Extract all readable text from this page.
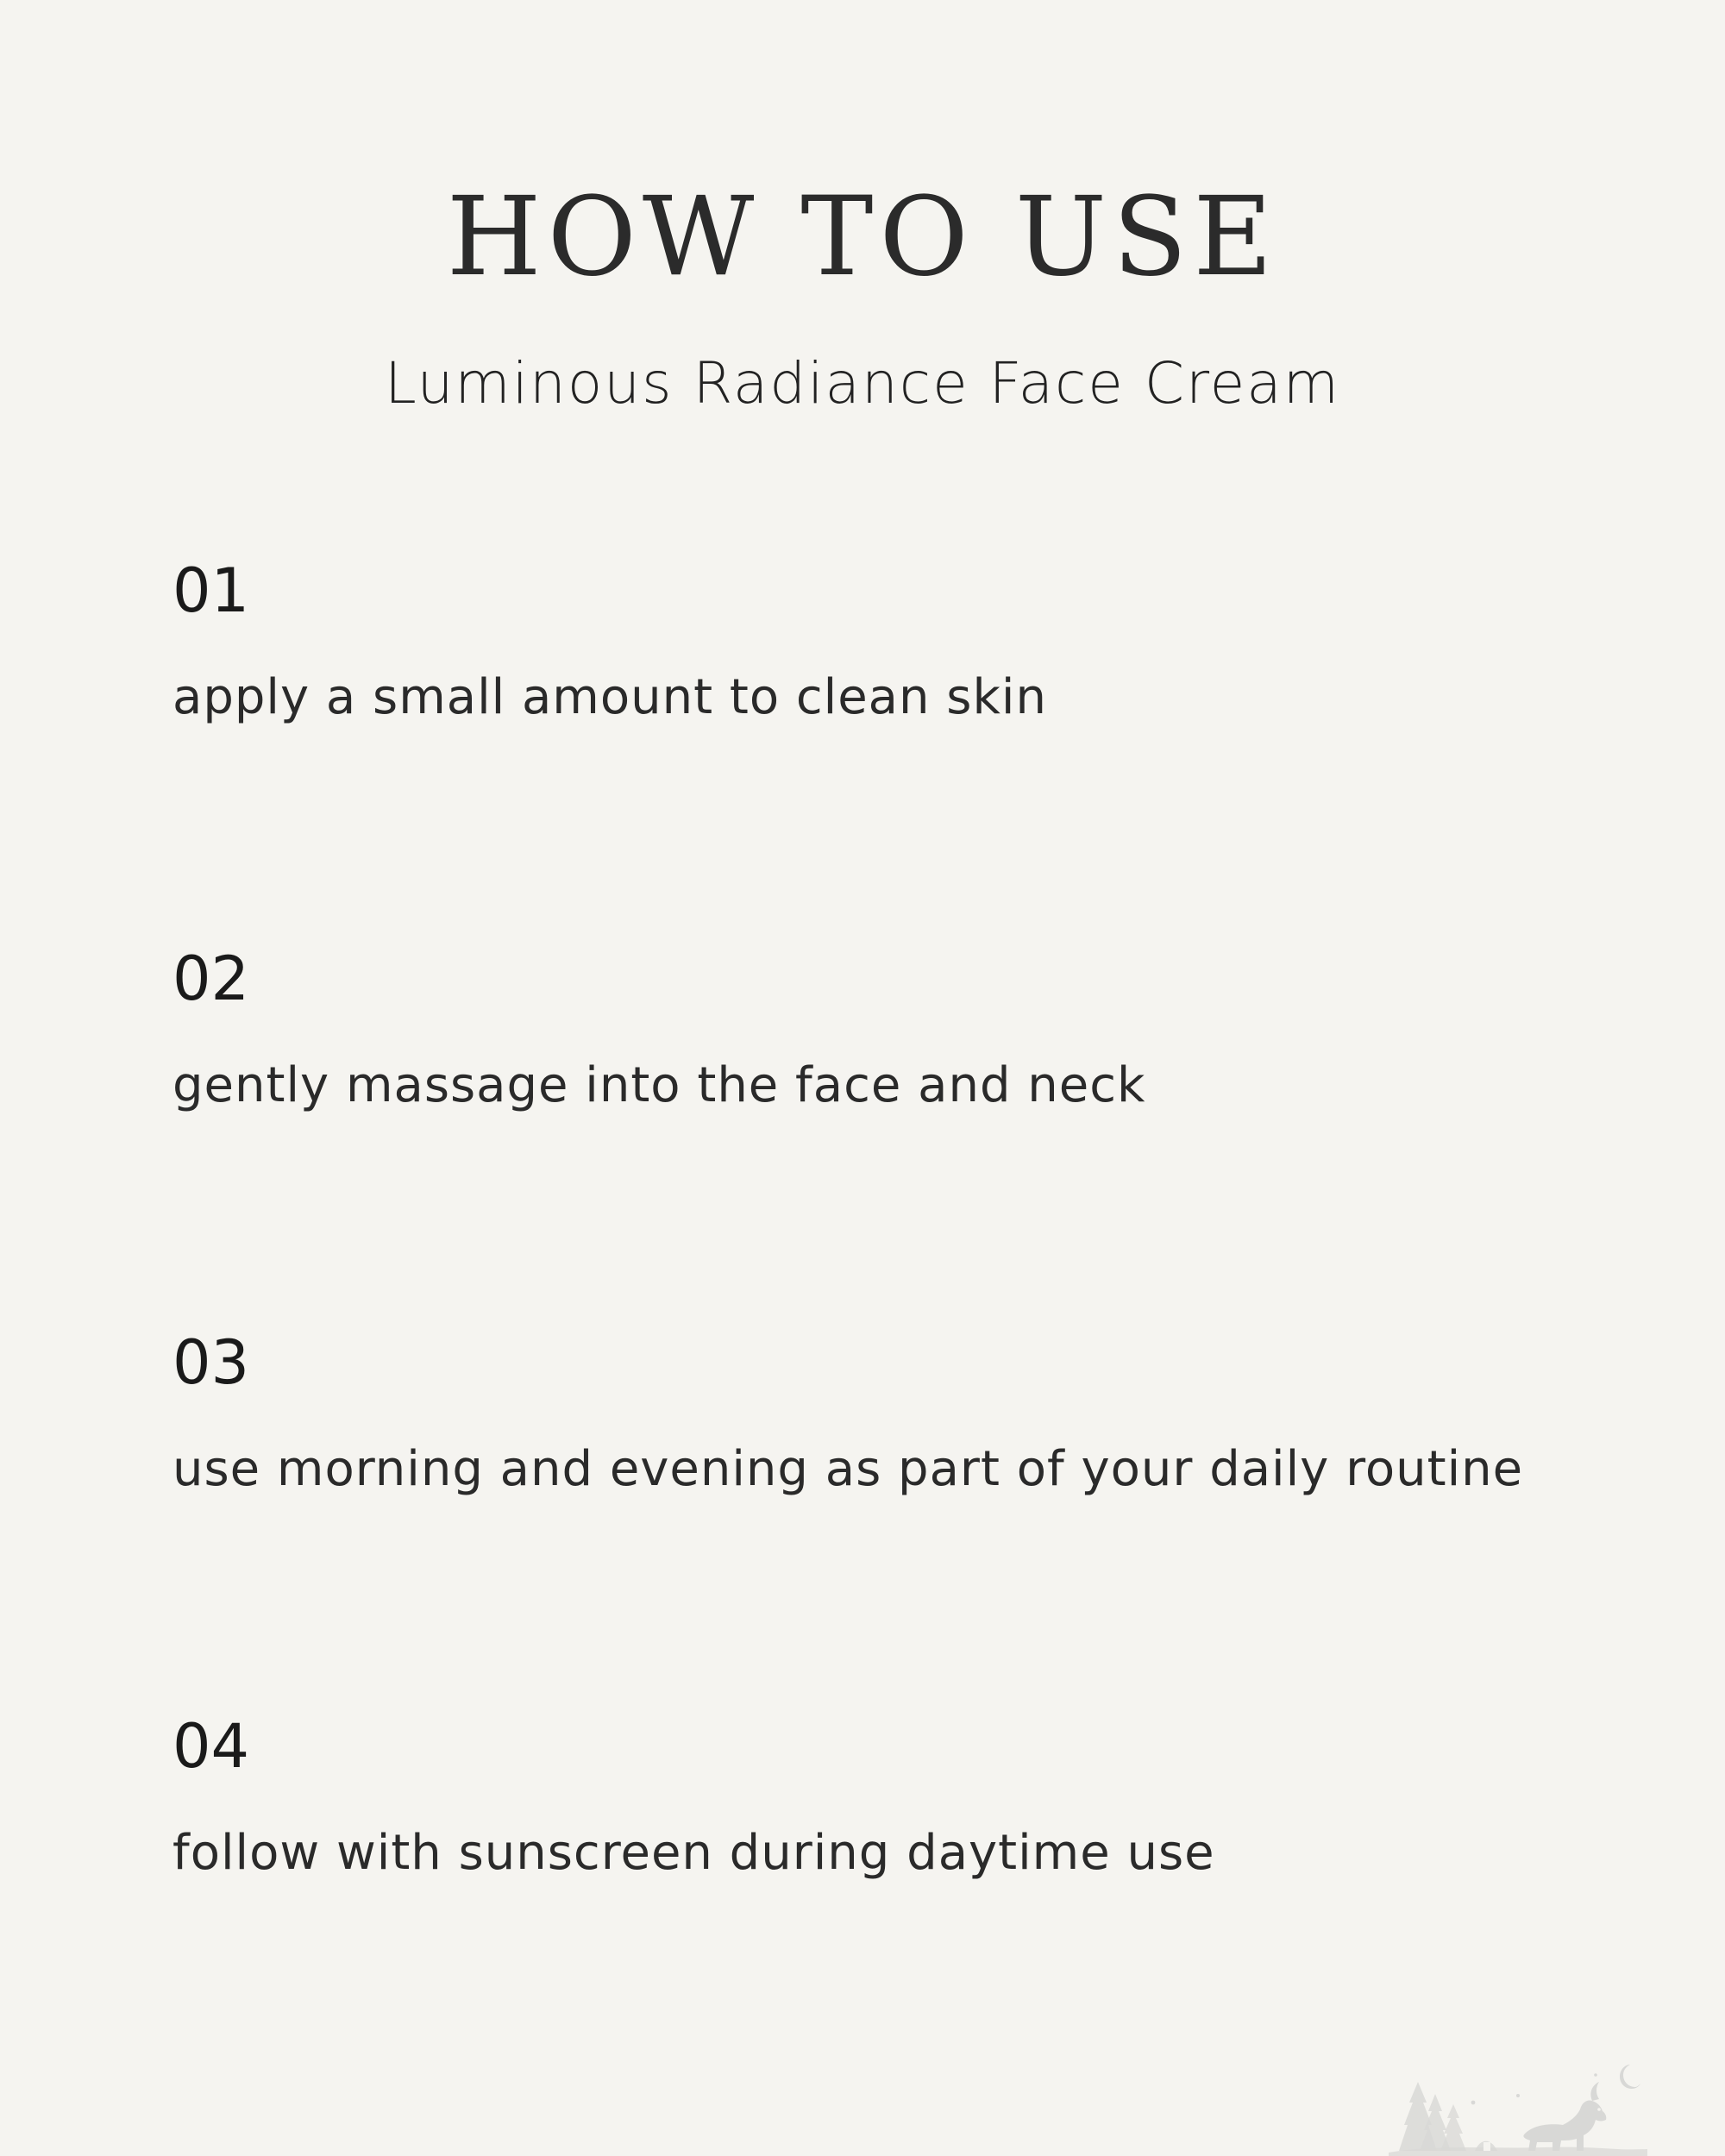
HOW TO USE
Luminous Radiance Face Cream

01

apply a small amount to clean skin

02

gently massage into the face and neck

03

use morning and evening as part of your daily routine

04

follow with sunscreen during daytime use
